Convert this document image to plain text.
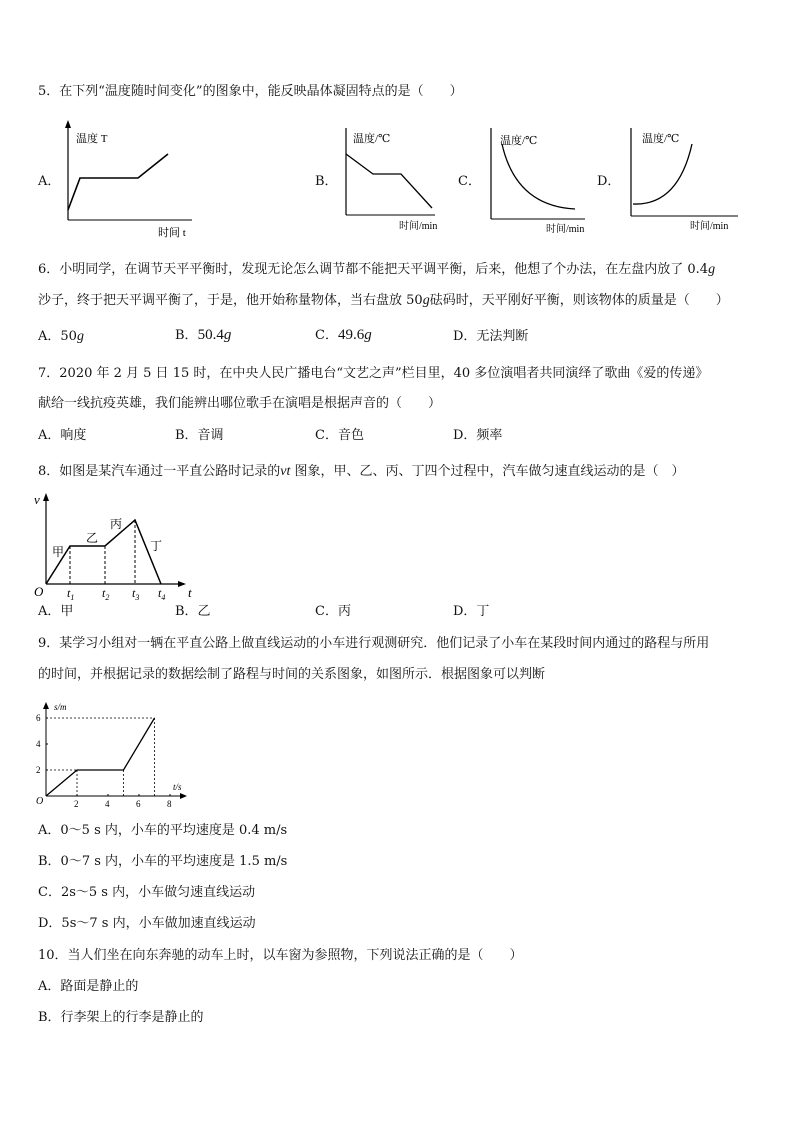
5．在下列“温度随时间变化”的图象中，能反映晶体凝固特点的是（　　）
A．
温度 T
时间 t
B．
温度/℃
时间/min
C．
温度/℃
时间/min
D．
温度/℃
时间/min
6．小明同学，在调节天平平衡时，发现无论怎么调节都不能把天平调平衡，后来，他想了个办法，在左盘内放了 0.4g
沙子，终于把天平调平衡了，于是，他开始称量物体，当右盘放 50g砝码时，天平刚好平衡，则该物体的质量是（　　）
A．50g	B．50.4g	C．49.6g	D．无法判断
7．2020 年 2 月 5 日 15 时，在中央人民广播电台“文艺之声”栏目里，40 多位演唱者共同演绎了歌曲《爱的传递》
献给一线抗疫英雄，我们能辨出哪位歌手在演唱是根据声音的（　　）
A．响度	B．音调	C．音色	D．频率
8．如图是某汽车通过一平直公路时记录的vt 图象，甲、乙、丙、丁四个过程中，汽车做匀速直线运动的是（　）
v
t
O
甲
乙
丙
丁
$t_1$ $t_2$ $t_3$ $t_4$
A．甲	B．乙	C．丙	D．丁
9．某学习小组对一辆在平直公路上做直线运动的小车进行观测研究．他们记录了小车在某段时间内通过的路程与所用
的时间，并根据记录的数据绘制了路程与时间的关系图象，如图所示．根据图象可以判断
s/m
t/s
O	2	4	6	8
2
4
6
A．0～5 s 内，小车的平均速度是 0.4 m/s
B．0～7 s 内，小车的平均速度是 1.5 m/s
C．2s～5 s 内，小车做匀速直线运动
D．5s～7 s 内，小车做加速直线运动
10．当人们坐在向东奔驰的动车上时，以车窗为参照物，下列说法正确的是（　　）
A．路面是静止的
B．行李架上的行李是静止的
